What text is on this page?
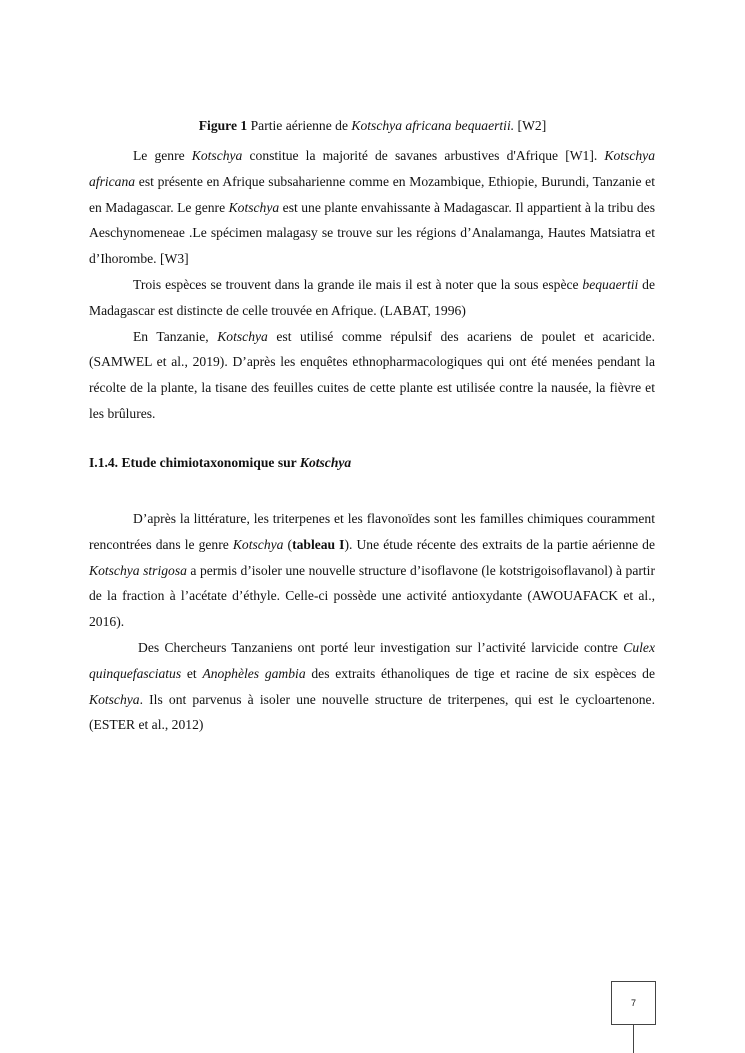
Figure 1 Partie aérienne de Kotschya africana bequaertii. [W2]

Le genre Kotschya constitue la majorité de savanes arbustives d'Afrique [W1]. Kotschya africana est présente en Afrique subsaharienne comme en Mozambique, Ethiopie, Burundi, Tanzanie et en Madagascar. Le genre Kotschya est une plante envahissante à Madagascar. Il appartient à la tribu des Aeschynomeneae .Le spécimen malagasy se trouve sur les régions d’Analamanga, Hautes Matsiatra et d’Ihorombe. [W3]

Trois espèces se trouvent dans la grande ile mais il est à noter que la sous espèce bequaertii de Madagascar est distincte de celle trouvée en Afrique. (LABAT, 1996)

En Tanzanie, Kotschya est utilisé comme répulsif des acariens de poulet et acaricide. (SAMWEL et al., 2019). D’après les enquêtes ethnopharmacologiques qui ont été menées pendant la récolte de la plante, la tisane des feuilles cuites de cette plante est utilisée contre la nausée, la fièvre et les brûlures.

I.1.4. Etude chimiotaxonomique sur Kotschya

D’après la littérature, les triterpenes et les flavonoïdes sont les familles chimiques couramment rencontrées dans le genre Kotschya (tableau I). Une étude récente des extraits de la partie aérienne de Kotschya strigosa a permis d’isoler une nouvelle structure d’isoflavone (le kotstrigoisoflavanol) à partir de la fraction à l’acétate d’éthyle. Celle-ci possède une activité antioxydante (AWOUAFACK et al., 2016).

Des Chercheurs Tanzaniens ont porté leur investigation sur l’activité larvicide contre Culex quinquefasciatus et Anophèles gambia des extraits éthanoliques de tige et racine de six espèces de Kotschya. Ils ont parvenus à isoler une nouvelle structure de triterpenes, qui est le cycloartenone. (ESTER et al., 2012)

7
